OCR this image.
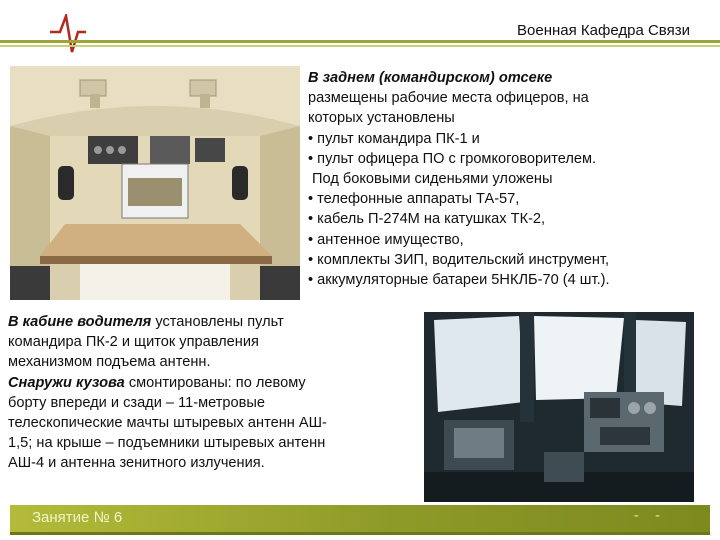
Военная Кафедра Связи

В заднем (командирском) отсеке

размещены рабочие места офицеров, на

которых установлены

• пульт командира ПК-1 и

• пульт офицера ПО с громкоговорителем.

Под боковыми сиденьями уложены

• телефонные аппараты ТА-57,

• кабель П-274М на катушках ТК-2,

• антенное имущество,

• комплекты ЗИП, водительский инструмент,

• аккумуляторные батареи 5НКЛБ-70 (4 шт.).

В кабине водителя установлены пульт

командира ПК-2 и щиток управления

механизмом подъема антенн.

Снаружи кузова смонтированы: по левому

борту впереди и сзади – 11-метровые

телескопические мачты штыревых антенн АШ-

1,5; на крыше – подъемники штыревых антенн

АШ-4 и антенна зенитного излучения.

Занятие № 6	- -
